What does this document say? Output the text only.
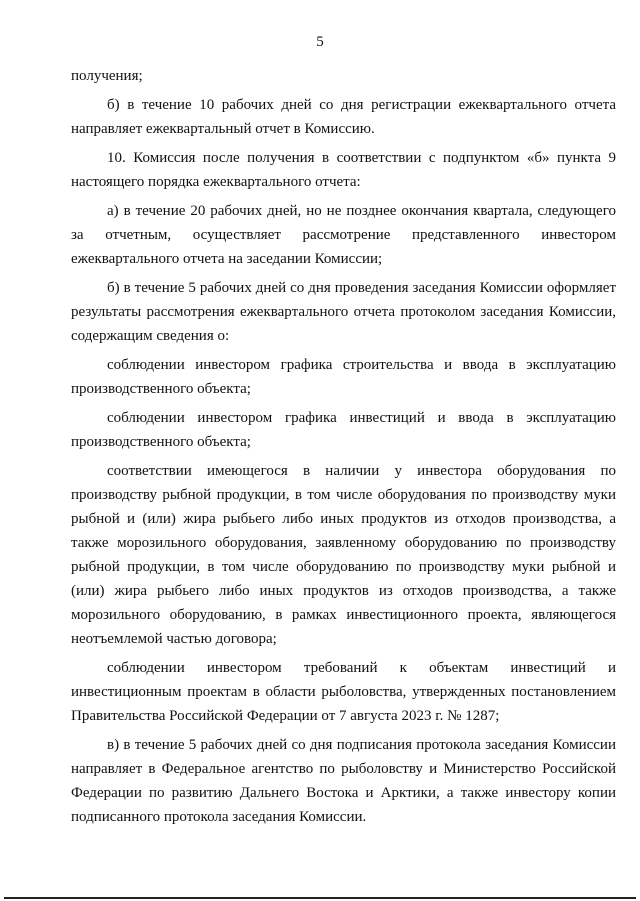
5

получения;

б) в течение 10 рабочих дней со дня регистрации ежеквартального отчета направляет ежеквартальный отчет в Комиссию.

10. Комиссия после получения в соответствии с подпунктом «б» пункта 9 настоящего порядка ежеквартального отчета:

а) в течение 20 рабочих дней, но не позднее окончания квартала, следующего за отчетным, осуществляет рассмотрение представленного инвестором ежеквартального отчета на заседании Комиссии;

б) в течение 5 рабочих дней со дня проведения заседания Комиссии оформляет результаты рассмотрения ежеквартального отчета протоколом заседания Комиссии, содержащим сведения о:

соблюдении инвестором графика строительства и ввода в эксплуатацию производственного объекта;

соблюдении инвестором графика инвестиций и ввода в эксплуатацию производственного объекта;

соответствии имеющегося в наличии у инвестора оборудования по производству рыбной продукции, в том числе оборудования по производству муки рыбной и (или) жира рыбьего либо иных продуктов из отходов производства, а также морозильного оборудования, заявленному оборудованию по производству рыбной продукции, в том числе оборудованию по производству муки рыбной и (или) жира рыбьего либо иных продуктов из отходов производства, а также морозильного оборудованию, в рамках инвестиционного проекта, являющегося неотъемлемой частью договора;

соблюдении инвестором требований к объектам инвестиций и инвестиционным проектам в области рыболовства, утвержденных постановлением Правительства Российской Федерации от 7 августа 2023 г. № 1287;

в) в течение 5 рабочих дней со дня подписания протокола заседания Комиссии направляет в Федеральное агентство по рыболовству и Министерство Российской Федерации по развитию Дальнего Востока и Арктики, а также инвестору копии подписанного протокола заседания Комиссии.
